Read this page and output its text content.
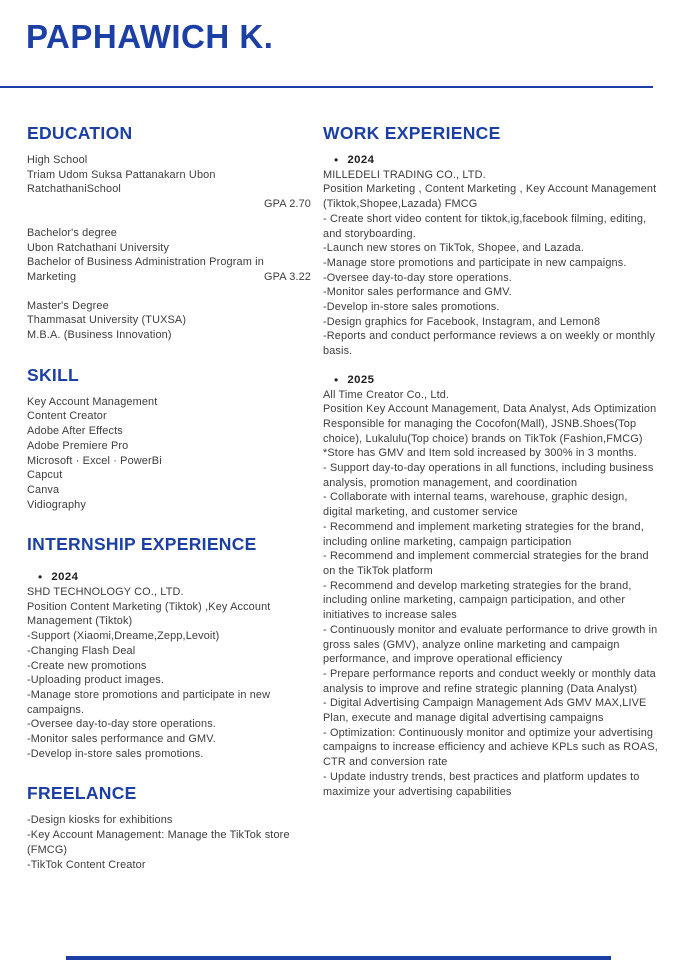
PAPHAWICH K.
EDUCATION
High School
Triam Udom Suksa Pattanakarn Ubon RatchathaniSchool
GPA 2.70
Bachelor's degree
Ubon Ratchathani University
Bachelor of Business Administration Program in Marketing	GPA 3.22
Master's Degree
Thammasat University (TUXSA)
M.B.A. (Business Innovation)
SKILL
Key Account Management
Content Creator
Adobe After Effects
Adobe Premiere Pro
Microsoft · Excel · PowerBi
Capcut
Canva
Vidiography
INTERNSHIP EXPERIENCE
• 2024
SHD TECHNOLOGY CO., LTD.
Position Content Marketing (Tiktok) ,Key Account Management (Tiktok)
-Support (Xiaomi,Dreame,Zepp,Levoit)
-Changing Flash Deal
-Create new promotions
-Uploading product images.
-Manage store promotions and participate in new campaigns.
-Oversee day-to-day store operations.
-Monitor sales performance and GMV.
-Develop in-store sales promotions.
FREELANCE
-Design kiosks for exhibitions
-Key Account Management: Manage the TikTok store (FMCG)
-TikTok Content Creator
WORK EXPERIENCE
• 2024
MILLEDELI TRADING CO., LTD.
Position Marketing , Content Marketing , Key Account Management (Tiktok,Shopee,Lazada) FMCG
- Create short video content for tiktok,ig,facebook filming, editing, and storyboarding.
-Launch new stores on TikTok, Shopee, and Lazada.
-Manage store promotions and participate in new campaigns.
-Oversee day-to-day store operations.
-Monitor sales performance and GMV.
-Develop in-store sales promotions.
-Design graphics for Facebook, Instagram, and Lemon8
-Reports and conduct performance reviews a on weekly or monthly basis.
• 2025
All Time Creator Co., Ltd.
Position Key Account Management, Data Analyst, Ads Optimization
Responsible for managing the Cocofon(Mall), JSNB.Shoes(Top choice), Lukalulu(Top choice) brands on TikTok (Fashion,FMCG)
*Store has GMV and Item sold increased by 300% in 3 months.
- Support day-to-day operations in all functions, including business analysis, promotion management, and coordination
- Collaborate with internal teams, warehouse, graphic design, digital marketing, and customer service
- Recommend and implement marketing strategies for the brand, including online marketing, campaign participation
- Recommend and implement commercial strategies for the brand on the TikTok platform
- Recommend and develop marketing strategies for the brand, including online marketing, campaign participation, and other initiatives to increase sales
- Continuously monitor and evaluate performance to drive growth in gross sales (GMV), analyze online marketing and campaign performance, and improve operational efficiency
- Prepare performance reports and conduct weekly or monthly data analysis to improve and refine strategic planning (Data Analyst)
- Digital Advertising Campaign Management Ads GMV MAX,LIVE Plan, execute and manage digital advertising campaigns
- Optimization: Continuously monitor and optimize your advertising campaigns to increase efficiency and achieve KPLs such as ROAS, CTR and conversion rate
- Update industry trends, best practices and platform updates to maximize your advertising capabilities
